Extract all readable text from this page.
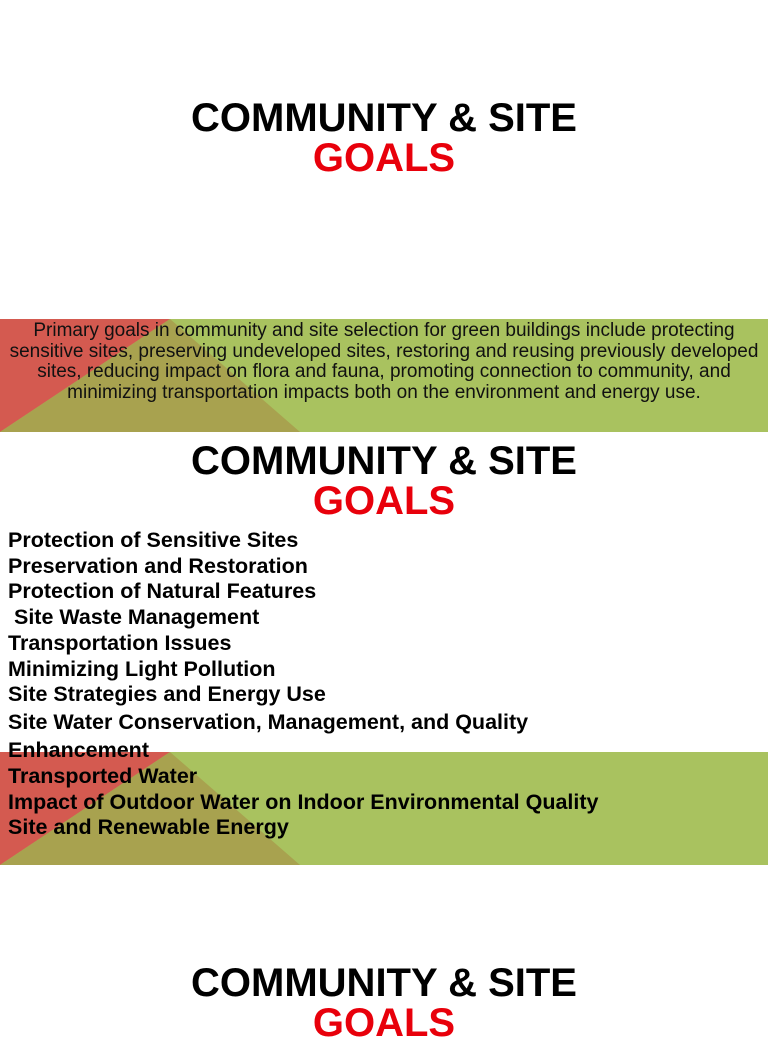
COMMUNITY & SITE
GOALS
Primary goals in community and site selection for green buildings include protecting sensitive sites, preserving undeveloped sites, restoring and reusing previously developed sites, reducing impact on flora and fauna, promoting connection to community, and minimizing transportation impacts both on the environment and energy use.
COMMUNITY & SITE
GOALS
Protection of Sensitive Sites
Preservation and Restoration
Protection of Natural Features
Site Waste Management
Transportation Issues
Minimizing Light Pollution
Site Strategies and Energy Use
Site Water Conservation, Management, and Quality Enhancement
Transported Water
Impact of Outdoor Water on Indoor Environmental Quality
Site and Renewable Energy
COMMUNITY & SITE
GOALS
